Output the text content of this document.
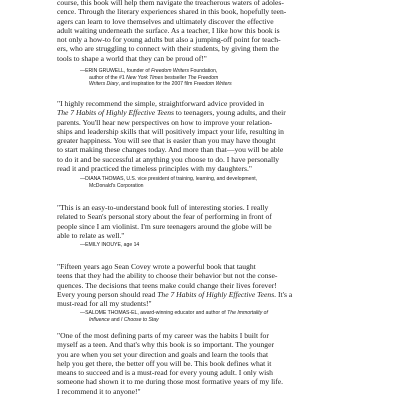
course, this book will help them navigate the treacherous waters of adoles-
cence. Through the literary experiences shared in this book, hopefully teen-
agers can learn to love themselves and ultimately discover the effective
adult waiting underneath the surface. As a teacher, I like how this book is
not only a how-to for young adults but also a jumping-off point for teach-
ers, who are struggling to connect with their students, by giving them the
tools to shape a world that they can be proud of!"
—ERIN GRUWELL, founder of Freedom Writers Foundation,
author of the #1 New York Times bestseller The Freedom
Writers Diary, and inspiration for the 2007 film Freedom Writers
"I highly recommend the simple, straightforward advice provided in
The 7 Habits of Highly Effective Teens to teenagers, young adults, and their
parents. You'll hear new perspectives on how to improve your relation-
ships and leadership skills that will positively impact your life, resulting in
greater happiness. You will see that is easier than you may have thought
to start making these changes today. And more than that—you will be able
to do it and be successful at anything you choose to do. I have personally
read it and practiced the timeless principles with my daughters."
—DIANA THOMAS, U.S. vice president of training, learning, and development,
McDonald's Corporation
"This is an easy-to-understand book full of interesting stories. I really
related to Sean's personal story about the fear of performing in front of
people since I am violinist. I'm sure teenagers around the globe will be
able to relate as well."
—EMILY INOUYE, age 14
"Fifteen years ago Sean Covey wrote a powerful book that taught
teens that they had the ability to choose their behavior but not the conse-
quences. The decisions that teens make could change their lives forever!
Every young person should read The 7 Habits of Highly Effective Teens. It's a
must-read for all my students!"
—SALOME THOMAS-EL, award-winning educator and author of The Immortality of
Influence and I Choose to Stay
"One of the most defining parts of my career was the habits I built for
myself as a teen. And that's why this book is so important. The younger
you are when you set your direction and goals and learn the tools that
help you get there, the better off you will be. This book defines what it
means to succeed and is a must-read for every young adult. I only wish
someone had shown it to me during those most formative years of my life.
I recommend it to anyone!"
